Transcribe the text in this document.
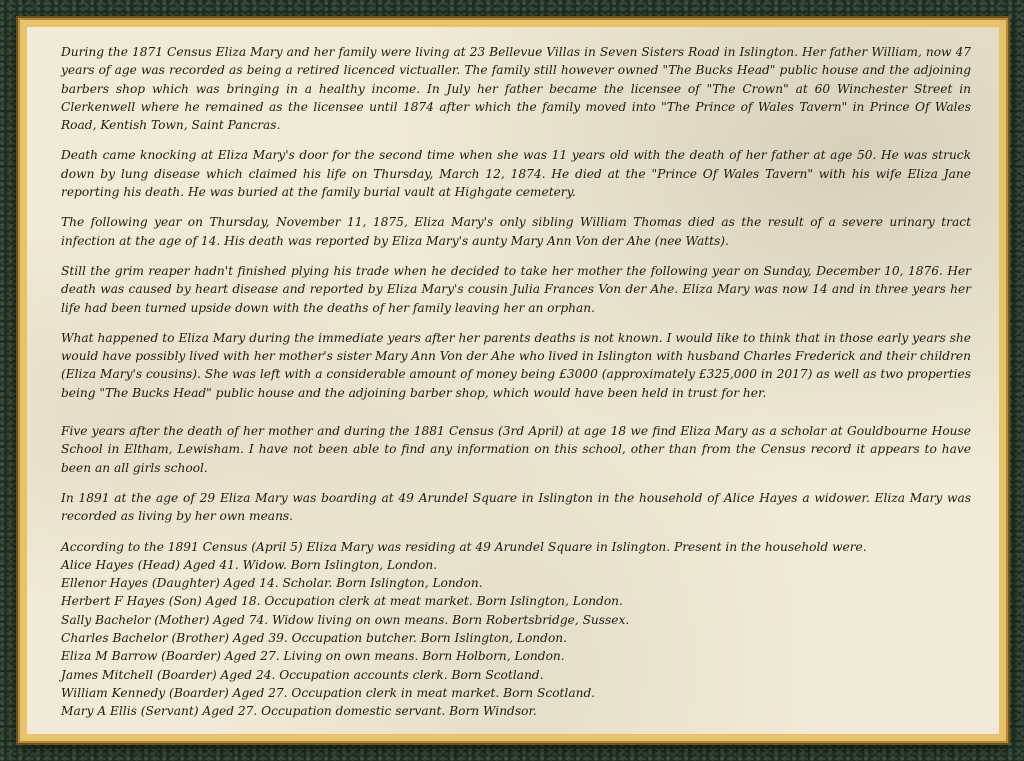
During the 1871 Census Eliza Mary and her family were living at 23 Bellevue Villas in Seven Sisters Road in Islington. Her father William, now 47 years of age was recorded as being a retired licenced victualler. The family still however owned "The Bucks Head" public house and the adjoining barbers shop which was bringing in a healthy income. In July her father became the licensee of "The Crown" at 60 Winchester Street in Clerkenwell where he remained as the licensee until 1874 after which the family moved into "The Prince of Wales Tavern" in Prince Of Wales Road, Kentish Town, Saint Pancras.

Death came knocking at Eliza Mary's door for the second time when she was 11 years old with the death of her father at age 50. He was struck down by lung disease which claimed his life on Thursday, March 12, 1874. He died at the "Prince Of Wales Tavern" with his wife Eliza Jane reporting his death. He was buried at the family burial vault at Highgate cemetery.

The following year on Thursday, November 11, 1875, Eliza Mary's only sibling William Thomas died as the result of a severe urinary tract infection at the age of 14. His death was reported by Eliza Mary's aunty Mary Ann Von der Ahe (nee Watts).

Still the grim reaper hadn't finished plying his trade when he decided to take her mother the following year on Sunday, December 10, 1876. Her death was caused by heart disease and reported by Eliza Mary's cousin Julia Frances Von der Ahe. Eliza Mary was now 14 and in three years her life had been turned upside down with the deaths of her family leaving her an orphan.

What happened to Eliza Mary during the immediate years after her parents deaths is not known. I would like to think that in those early years she would have possibly lived with her mother's sister Mary Ann Von der Ahe who lived in Islington with husband Charles Frederick and their children (Eliza Mary's cousins). She was left with a considerable amount of money being £3000 (approximately £325,000 in 2017) as well as two properties being "The Bucks Head" public house and the adjoining barber shop, which would have been held in trust for her.

Five years after the death of her mother and during the 1881 Census (3rd April) at age 18 we find Eliza Mary as a scholar at Gouldbourne House School in Eltham, Lewisham. I have not been able to find any information on this school, other than from the Census record it appears to have been an all girls school.

In 1891 at the age of 29 Eliza Mary was boarding at 49 Arundel Square in Islington in the household of Alice Hayes a widower. Eliza Mary was recorded as living by her own means.

According to the 1891 Census (April 5) Eliza Mary was residing at 49 Arundel Square in Islington. Present in the household were.
Alice Hayes (Head) Aged 41. Widow. Born Islington, London.
Ellenor Hayes (Daughter) Aged 14. Scholar. Born Islington, London.
Herbert F Hayes (Son) Aged 18. Occupation clerk at meat market. Born Islington, London.
Sally Bachelor (Mother) Aged 74. Widow living on own means. Born Robertsbridge, Sussex.
Charles Bachelor (Brother) Aged 39. Occupation butcher. Born Islington, London.
Eliza M Barrow (Boarder) Aged 27. Living on own means. Born Holborn, London.
James Mitchell (Boarder) Aged 24. Occupation accounts clerk. Born Scotland.
William Kennedy (Boarder) Aged 27. Occupation clerk in meat market. Born Scotland.
Mary A Ellis (Servant) Aged 27. Occupation domestic servant. Born Windsor.
